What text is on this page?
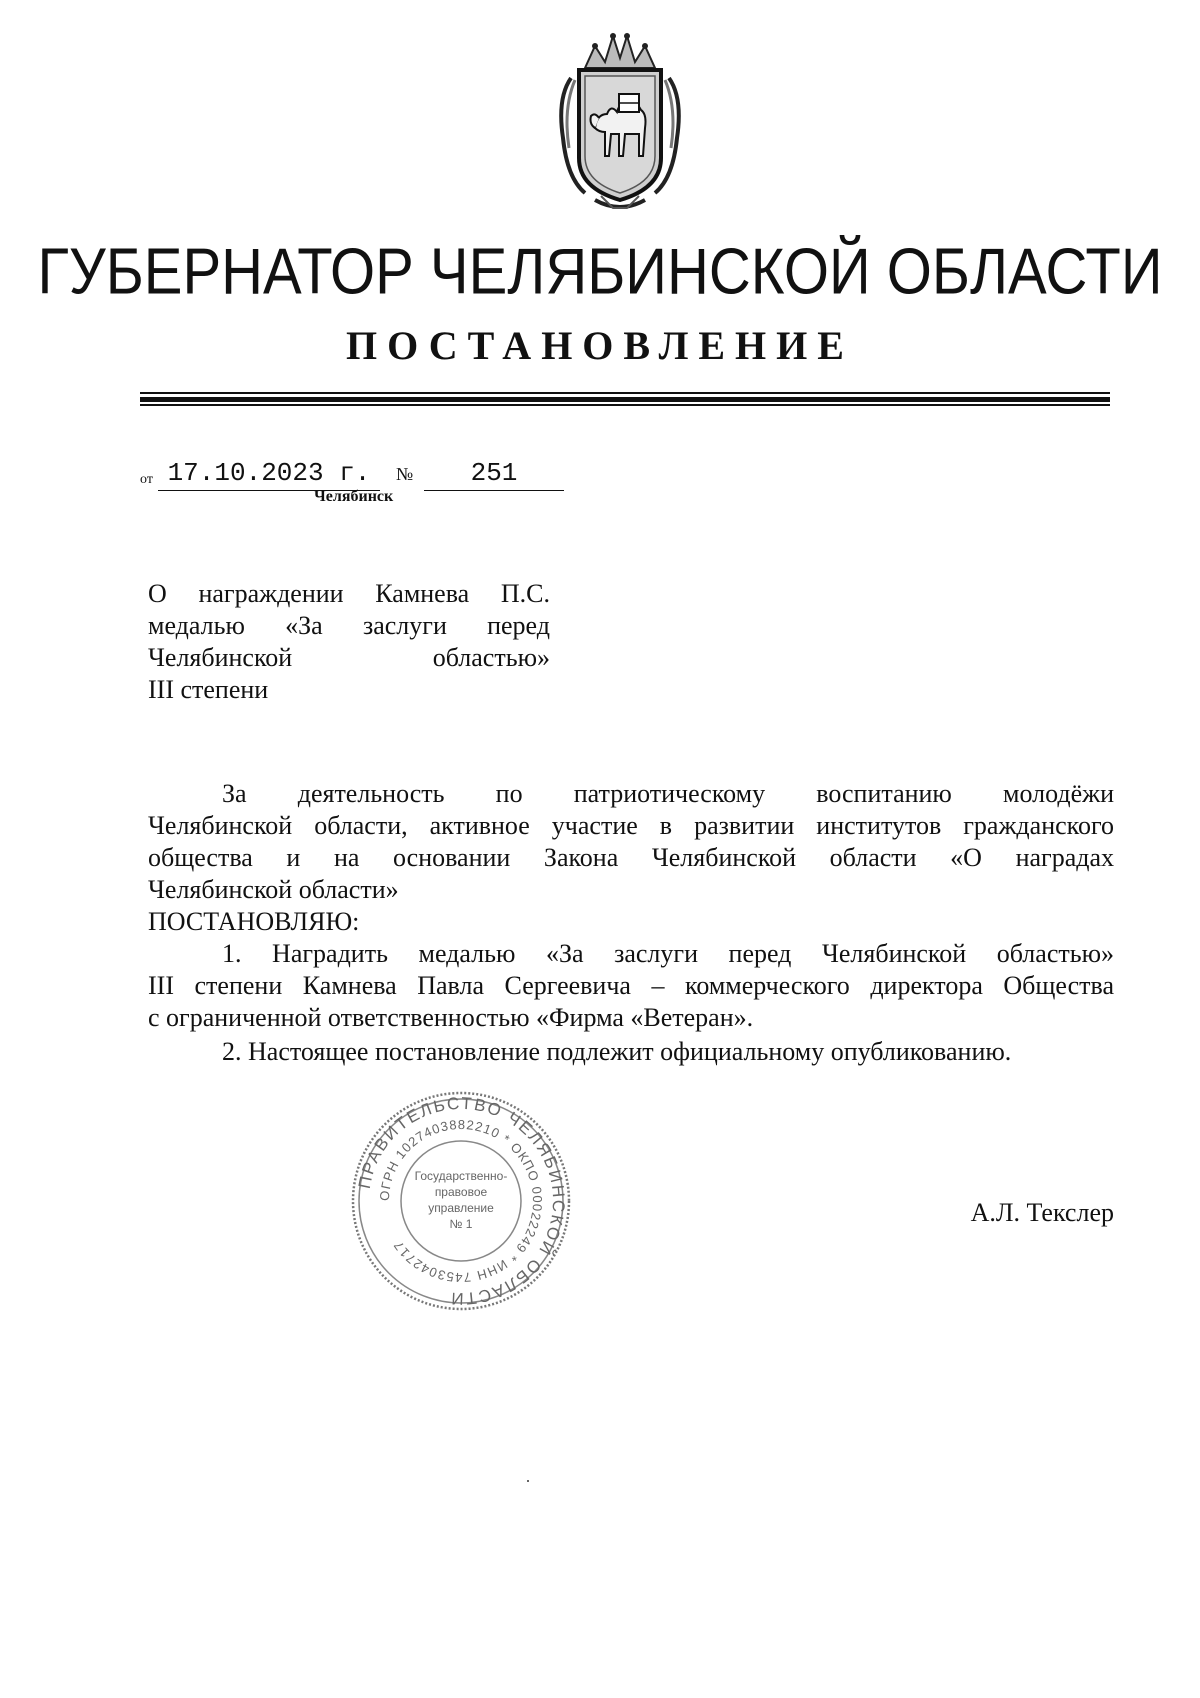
ГУБЕРНАТОР ЧЕЛЯБИНСКОЙ ОБЛАСТИ
ПОСТАНОВЛЕНИЕ
от 17.10.2023 г.	№	251
Челябинск
О награждении Камнева П.С.
медалью «За заслуги перед
Челябинской областью»
III степени
За деятельность по патриотическому воспитанию молодёжи
Челябинской области, активное участие в развитии институтов гражданского
общества и на основании Закона Челябинской области «О наградах
Челябинской области»
ПОСТАНОВЛЯЮ:
1. Наградить медалью «За заслуги перед Челябинской областью»
III степени Камнева Павла Сергеевича – коммерческого директора Общества
с ограниченной ответственностью «Фирма «Ветеран».
2. Настоящее постановление подлежит официальному опубликованию.
ПРАВИТЕЛЬСТВО ЧЕЛЯБИНСКОЙ ОБЛАСТИ
ОГРН 1027403882210 * ОКПО 00022249 * ИНН 7453042717
Государственно-
правовое
управление
№ 1	А.Л. Текслер
